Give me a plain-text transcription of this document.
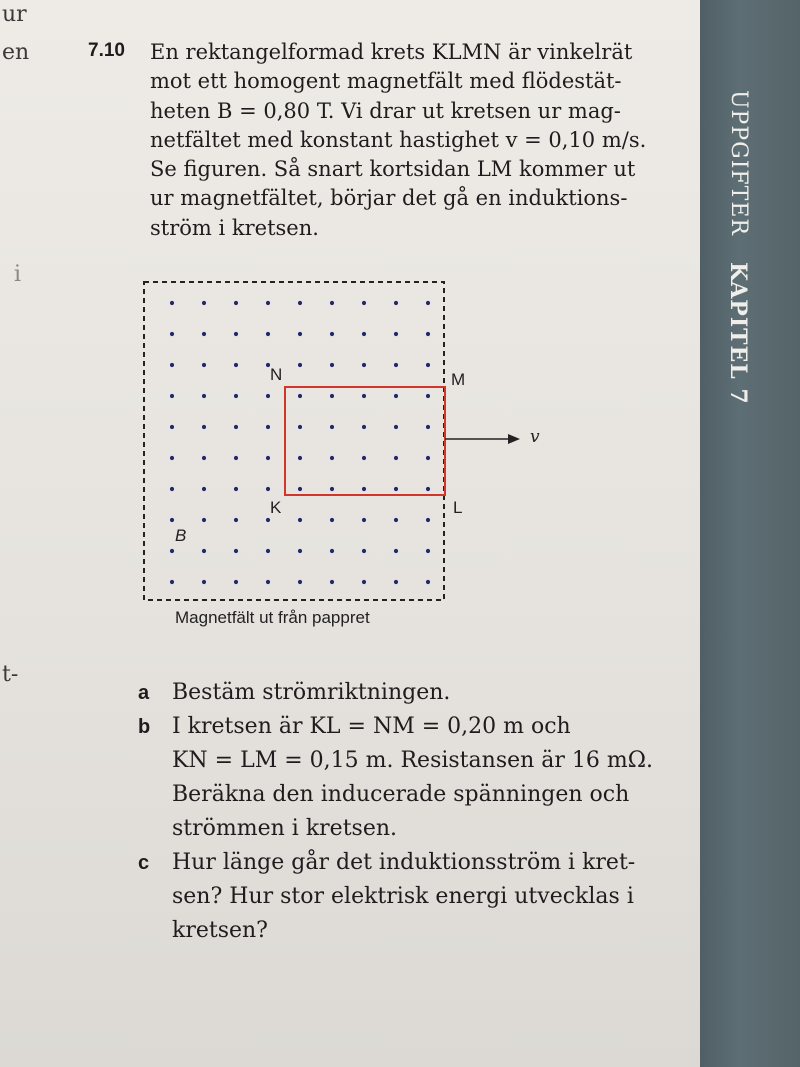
UPPGIFTER KAPITEL 7
ur
en
i
t-
7.10 En rektangelformad krets KLMN är vinkelrät
mot ett homogent magnetfält med flödestät-
heten B = 0,80 T. Vi drar ut kretsen ur mag-
netfältet med konstant hastighet v = 0,10 m/s.
Se figuren. Så snart kortsidan LM kommer ut
ur magnetfältet, börjar det gå en induktions-
ström i kretsen.

N	M
K	L
B
v
Magnetfält ut från pappret
a Bestäm strömriktningen.
b I kretsen är KL = NM = 0,20 m och
KN = LM = 0,15 m. Resistansen är 16 mΩ.
Beräkna den inducerade spänningen och
strömmen i kretsen.
c Hur länge går det induktionsström i kret-
sen? Hur stor elektrisk energi utvecklas i
kretsen?
